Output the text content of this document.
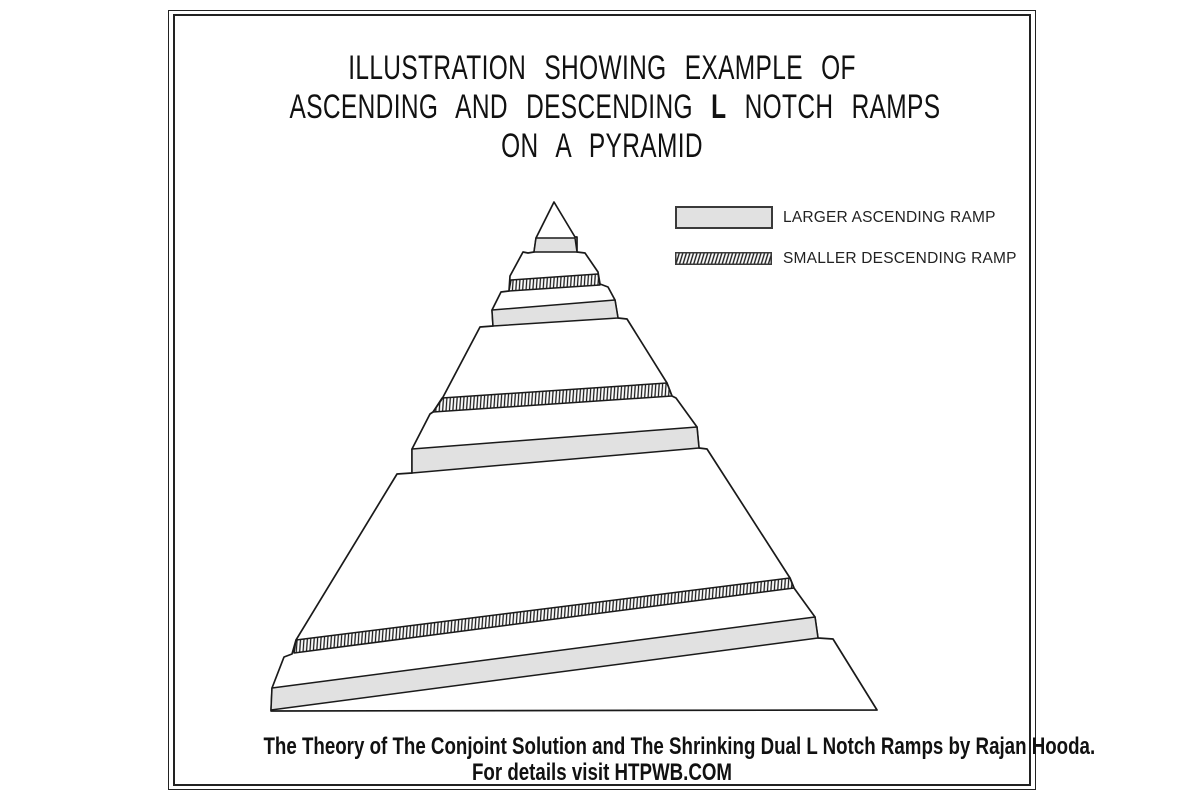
ILLUSTRATION SHOWING EXAMPLE OF
ASCENDING AND DESCENDING L NOTCH RAMPS
ON A PYRAMID
LARGER ASCENDING RAMP
SMALLER DESCENDING RAMP
The Theory of The Conjoint Solution and The Shrinking Dual L Notch Ramps by Rajan Hooda.
For details visit HTPWB.COM
